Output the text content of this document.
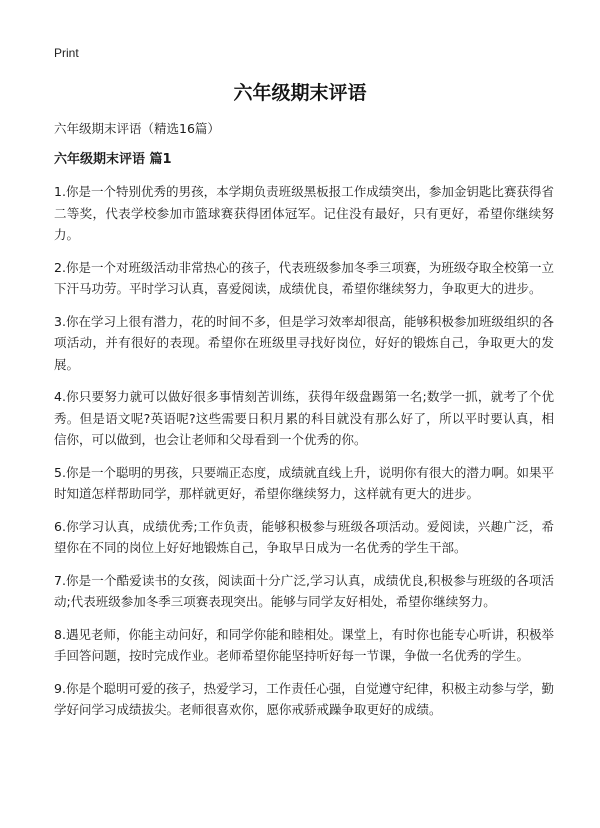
Print
六年级期末评语

六年级期末评语（精选16篇）

六年级期末评语 篇1

1.你是一个特别优秀的男孩，本学期负责班级黑板报工作成绩突出，参加金钥匙比赛获得省二等奖，代表学校参加市篮球赛获得团体冠军。记住没有最好，只有更好，希望你继续努力。

2.你是一个对班级活动非常热心的孩子，代表班级参加冬季三项赛，为班级夺取全校第一立下汗马功劳。平时学习认真，喜爱阅读，成绩优良，希望你继续努力，争取更大的进步。

3.你在学习上很有潜力，花的时间不多，但是学习效率却很高，能够积极参加班级组织的各项活动，并有很好的表现。希望你在班级里寻找好岗位，好好的锻炼自己，争取更大的发展。

4.你只要努力就可以做好很多事情刻苦训练，获得年级盘踢第一名;数学一抓，就考了个优秀。但是语文呢?英语呢?这些需要日积月累的科目就没有那么好了，所以平时要认真，相信你，可以做到，也会让老师和父母看到一个优秀的你。

5.你是一个聪明的男孩，只要端正态度，成绩就直线上升，说明你有很大的潜力啊。如果平时知道怎样帮助同学，那样就更好，希望你继续努力，这样就有更大的进步。

6.你学习认真，成绩优秀;工作负责，能够积极参与班级各项活动。爱阅读，兴趣广泛，希望你在不同的岗位上好好地锻炼自己，争取早日成为一名优秀的学生干部。

7.你是一个酷爱读书的女孩，阅读面十分广泛,学习认真，成绩优良,积极参与班级的各项活动;代表班级参加冬季三项赛表现突出。能够与同学友好相处，希望你继续努力。

8.遇见老师，你能主动问好，和同学你能和睦相处。课堂上，有时你也能专心听讲，积极举手回答问题，按时完成作业。老师希望你能坚持听好每一节课，争做一名优秀的学生。

9.你是个聪明可爱的孩子，热爱学习，工作责任心强，自觉遵守纪律，积极主动参与学，勤学好问学习成绩拔尖。老师很喜欢你，愿你戒骄戒躁争取更好的成绩。
